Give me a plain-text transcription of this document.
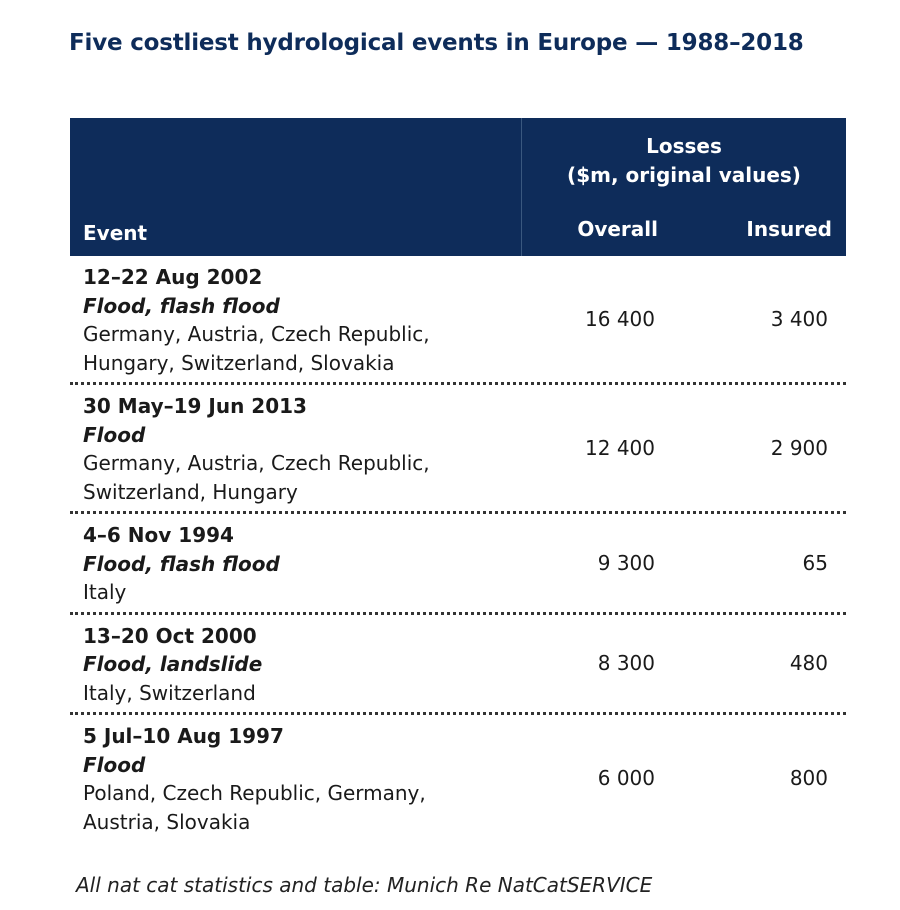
Five costliest hydrological events in Europe — 1988–2018
Event
Losses
($m, original values)
Overall	Insured
12–22 Aug 2002
Flood, flash flood
Germany, Austria, Czech Republic,
Hungary, Switzerland, Slovakia
16 400	3 400
30 May–19 Jun 2013
Flood
Germany, Austria, Czech Republic,
Switzerland, Hungary
12 400	2 900
4–6 Nov 1994
Flood, flash flood
Italy
9 300	65
13–20 Oct 2000
Flood, landslide
Italy, Switzerland
8 300	480
5 Jul–10 Aug 1997
Flood
Poland, Czech Republic, Germany,
Austria, Slovakia
6 000	800
All nat cat statistics and table: Munich Re NatCatSERVICE
